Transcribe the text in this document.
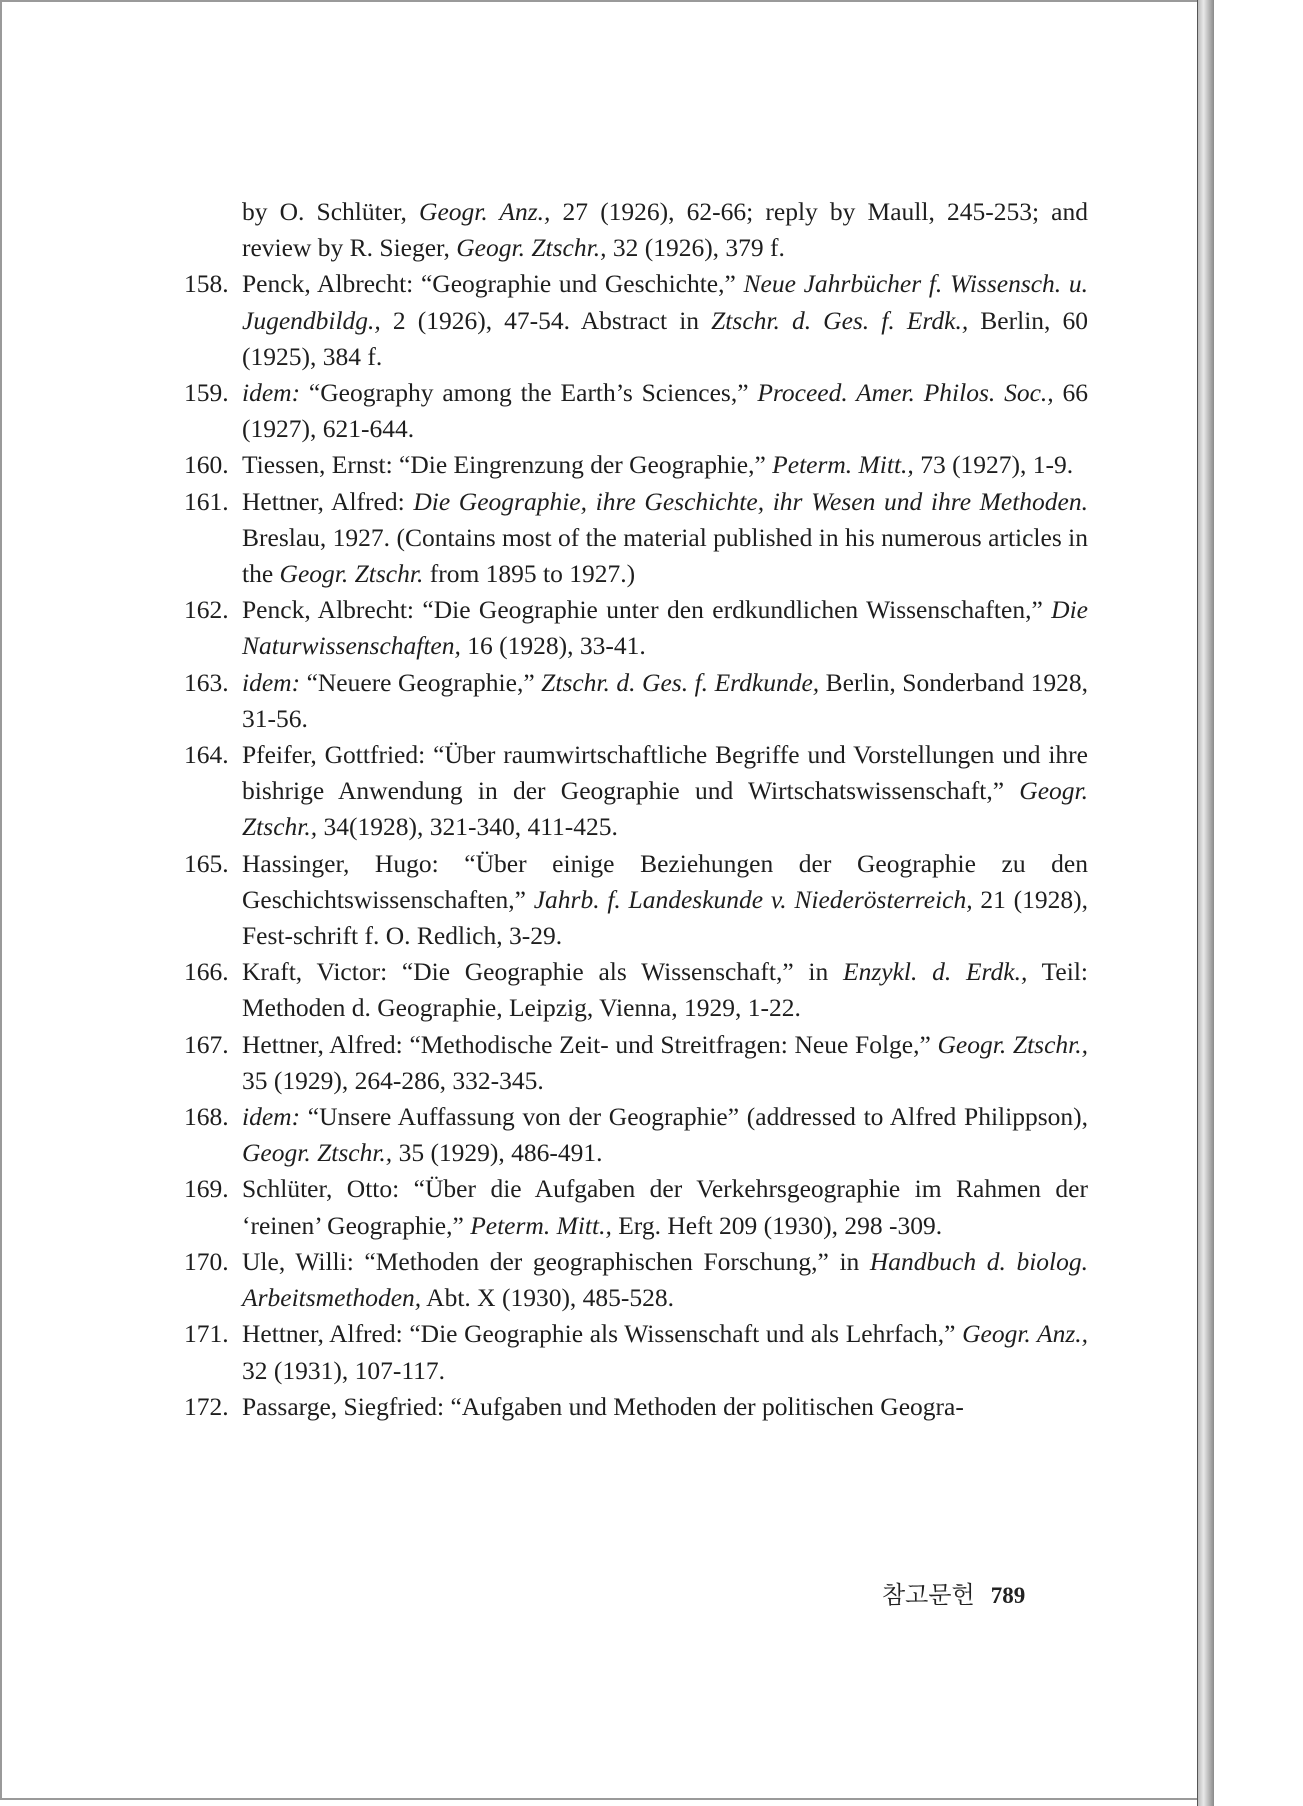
by O. Schlüter, Geogr. Anz., 27 (1926), 62-66; reply by Maull, 245-253; and review by R. Sieger, Geogr. Ztschr., 32 (1926), 379 f.
158. Penck, Albrecht: “Geographie und Geschichte,” Neue Jahrbücher f. Wissensch. u. Jugendbildg., 2 (1926), 47-54. Abstract in Ztschr. d. Ges. f. Erdk., Berlin, 60 (1925), 384 f.
159. idem: “Geography among the Earth’s Sciences,” Proceed. Amer. Philos. Soc., 66 (1927), 621-644.
160. Tiessen, Ernst: “Die Eingrenzung der Geographie,” Peterm. Mitt., 73 (1927), 1-9.
161. Hettner, Alfred: Die Geographie, ihre Geschichte, ihr Wesen und ihre Methoden. Breslau, 1927. (Contains most of the material published in his numerous articles in the Geogr. Ztschr. from 1895 to 1927.)
162. Penck, Albrecht: “Die Geographie unter den erdkundlichen Wissenschaften,” Die Naturwissenschaften, 16 (1928), 33-41.
163. idem: “Neuere Geographie,” Ztschr. d. Ges. f. Erdkunde, Berlin, Sonderband 1928, 31-56.
164. Pfeifer, Gottfried: “Über raumwirtschaftliche Begriffe und Vorstellungen und ihre bishrige Anwendung in der Geographie und Wirtschatswissenschaft,” Geogr. Ztschr., 34(1928), 321-340, 411-425.
165. Hassinger, Hugo: “Über einige Beziehungen der Geographie zu den Geschichtswissenschaften,” Jahrb. f. Landeskunde v. Niederösterreich, 21 (1928), Fest-schrift f. O. Redlich, 3-29.
166. Kraft, Victor: “Die Geographie als Wissenschaft,” in Enzykl. d. Erdk., Teil: Methoden d. Geographie, Leipzig, Vienna, 1929, 1-22.
167. Hettner, Alfred: “Methodische Zeit- und Streitfragen: Neue Folge,” Geogr. Ztschr., 35 (1929), 264-286, 332-345.
168. idem: “Unsere Auffassung von der Geographie” (addressed to Alfred Philippson), Geogr. Ztschr., 35 (1929), 486-491.
169. Schlüter, Otto: “Über die Aufgaben der Verkehrsgeographie im Rahmen der ‘reinen’ Geographie,” Peterm. Mitt., Erg. Heft 209 (1930), 298 -309.
170. Ule, Willi: “Methoden der geographischen Forschung,” in Handbuch d. biolog. Arbeitsmethoden, Abt. X (1930), 485-528.
171. Hettner, Alfred: “Die Geographie als Wissenschaft und als Lehrfach,” Geogr. Anz., 32 (1931), 107-117.
172. Passarge, Siegfried: “Aufgaben und Methoden der politischen Geogra-
참고문헌 789
